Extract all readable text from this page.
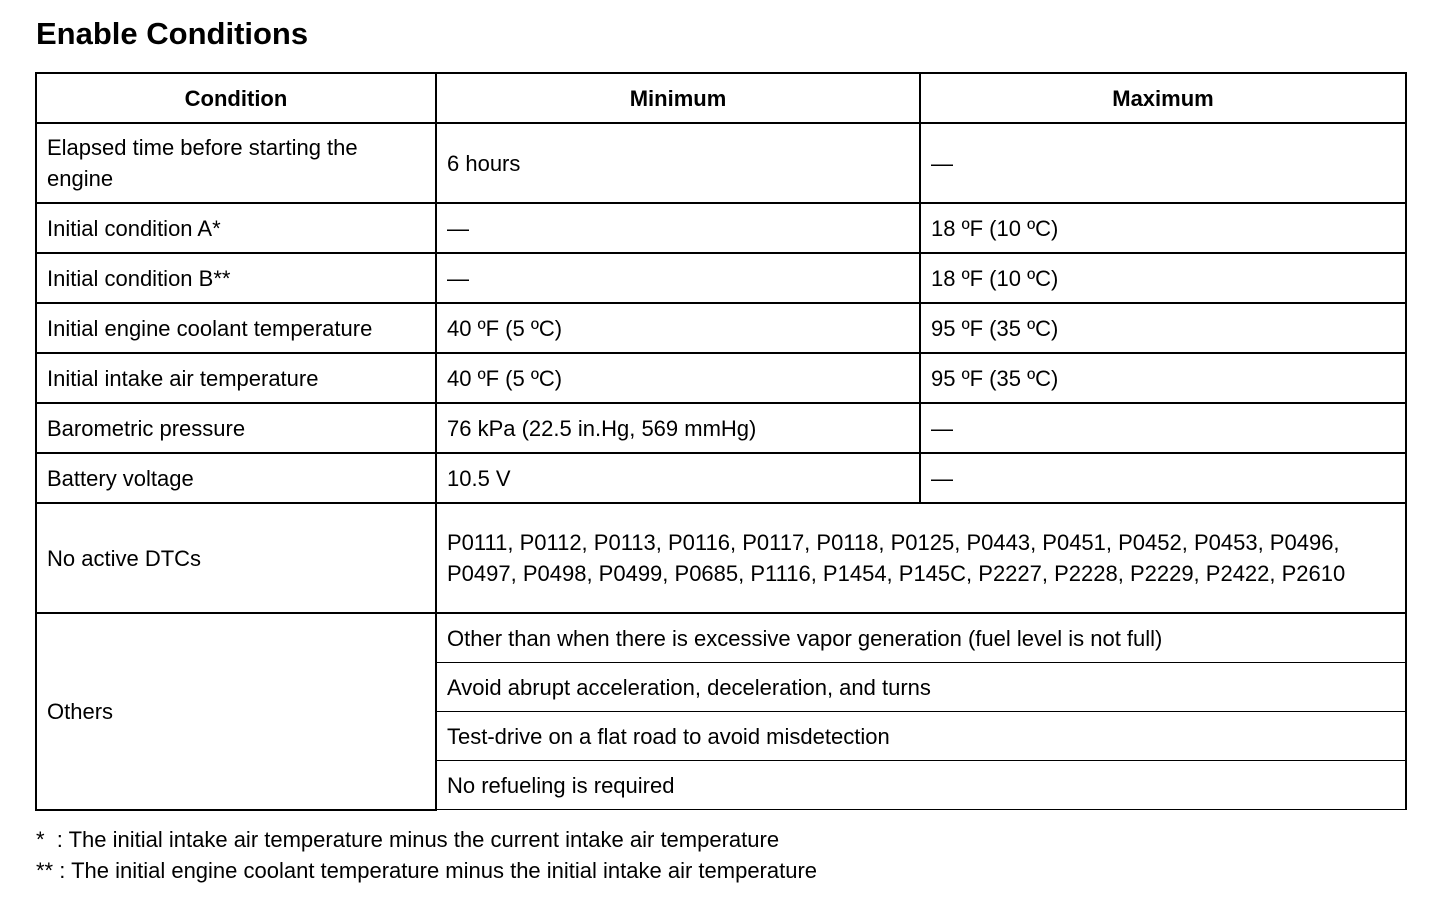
Enable Conditions
Condition	Minimum	Maximum
Elapsed time before starting the engine	6 hours	—
Initial condition A*	—	18 ºF (10 ºC)
Initial condition B**	—	18 ºF (10 ºC)
Initial engine coolant temperature	40 ºF (5 ºC)	95 ºF (35 ºC)
Initial intake air temperature	40 ºF (5 ºC)	95 ºF (35 ºC)
Barometric pressure	76 kPa (22.5 in.Hg, 569 mmHg)	—
Battery voltage	10.5 V	—
No active DTCs	P0111, P0112, P0113, P0116, P0117, P0118, P0125, P0443, P0451, P0452, P0453, P0496, P0497, P0498, P0499, P0685, P1116, P1454, P145C, P2227, P2228, P2229, P2422, P2610	
Others	Other than when there is excessive vapor generation (fuel level is not full)	
	Avoid abrupt acceleration, deceleration, and turns	
	Test-drive on a flat road to avoid misdetection	
	No refueling is required	
*  : The initial intake air temperature minus the current intake air temperature
** : The initial engine coolant temperature minus the initial intake air temperature
